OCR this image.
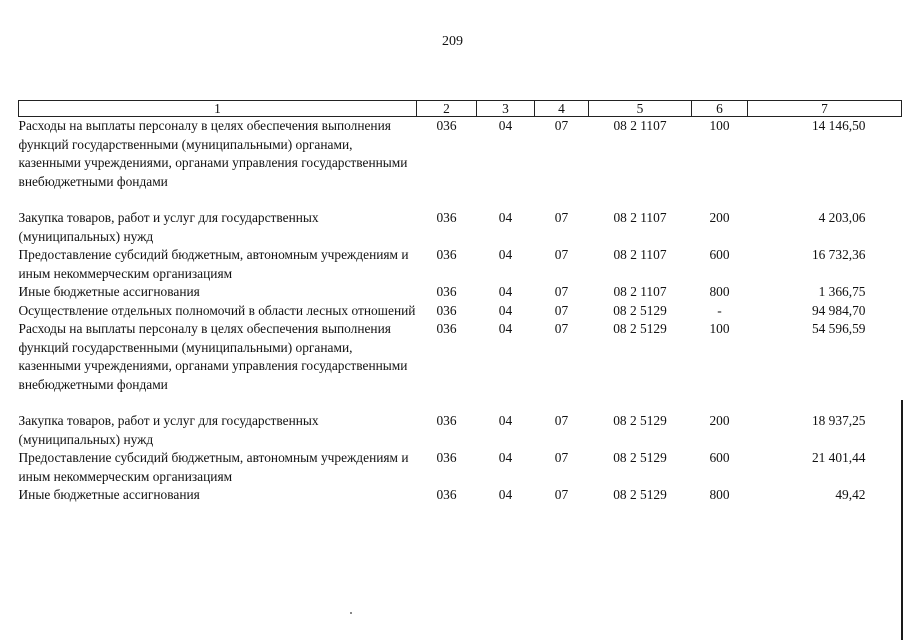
209
1	2	3	4	5	6	7
Расходы на выплаты персоналу в целях обеспечения выполнения функций государственными (муниципальными) органами, казенными учреждениями, органами управления государственными внебюджетными фондами	036	04	07	08 2 1107	100	14 146,50
Закупка товаров, работ и услуг для государственных (муниципальных) нужд	036	04	07	08 2 1107	200	4 203,06
Предоставление субсидий бюджетным, автономным учреждениям и иным некоммерческим организациям	036	04	07	08 2 1107	600	16 732,36
Иные бюджетные ассигнования	036	04	07	08 2 1107	800	1 366,75
Осуществление отдельных полномочий в области лесных отношений	036	04	07	08 2 5129	-	94 984,70
Расходы на выплаты персоналу в целях обеспечения выполнения функций государственными (муниципальными) органами, казенными учреждениями, органами управления государственными внебюджетными фондами	036	04	07	08 2 5129	100	54 596,59
Закупка товаров, работ и услуг для государственных (муниципальных) нужд	036	04	07	08 2 5129	200	18 937,25
Предоставление субсидий бюджетным, автономным учреждениям и иным некоммерческим организациям	036	04	07	08 2 5129	600	21 401,44
Иные бюджетные ассигнования	036	04	07	08 2 5129	800	49,42
